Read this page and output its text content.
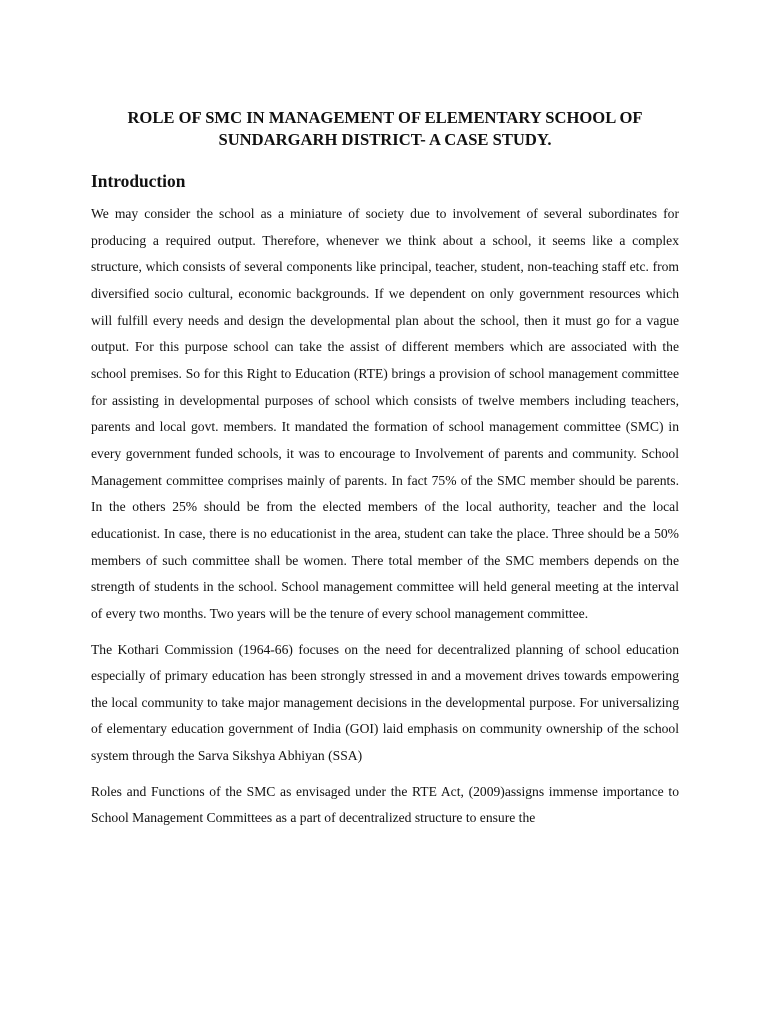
ROLE OF SMC IN MANAGEMENT OF ELEMENTARY SCHOOL OF
SUNDARGARH DISTRICT- A CASE STUDY.
Introduction

We may consider the school as a miniature of society due to involvement of several subordinates for producing a required output. Therefore, whenever we think about a school, it seems like a complex structure, which consists of several components like principal, teacher, student, non-teaching staff etc. from diversified socio cultural, economic backgrounds. If we dependent on only government resources which will fulfill every needs and design the developmental plan about the school, then it must go for a vague output. For this purpose school can take the assist of different members which are associated with the school premises. So for this Right to Education (RTE) brings a provision of school management committee for assisting in developmental purposes of school which consists of twelve members including teachers, parents and local govt. members. It mandated the formation of school management committee (SMC) in every government funded schools, it was to encourage to Involvement of parents and community. School Management committee comprises mainly of parents. In fact 75% of the SMC member should be parents. In the others 25% should be from the elected members of the local authority, teacher and the local educationist. In case, there is no educationist in the area, student can take the place. Three should be a 50% members of such committee shall be women. There total member of the SMC members depends on the strength of students in the school. School management committee will held general meeting at the interval of every two months. Two years will be the tenure of every school management committee.

The Kothari Commission (1964-66) focuses on the need for decentralized planning of school education especially of primary education has been strongly stressed in and a movement drives towards empowering the local community to take major management decisions in the developmental purpose. For universalizing of elementary education government of India (GOI) laid emphasis on community ownership of the school system through the Sarva Sikshya Abhiyan (SSA)

Roles and Functions of the SMC as envisaged under the RTE Act, (2009)assigns immense importance to School Management Committees as a part of decentralized structure to ensure the
